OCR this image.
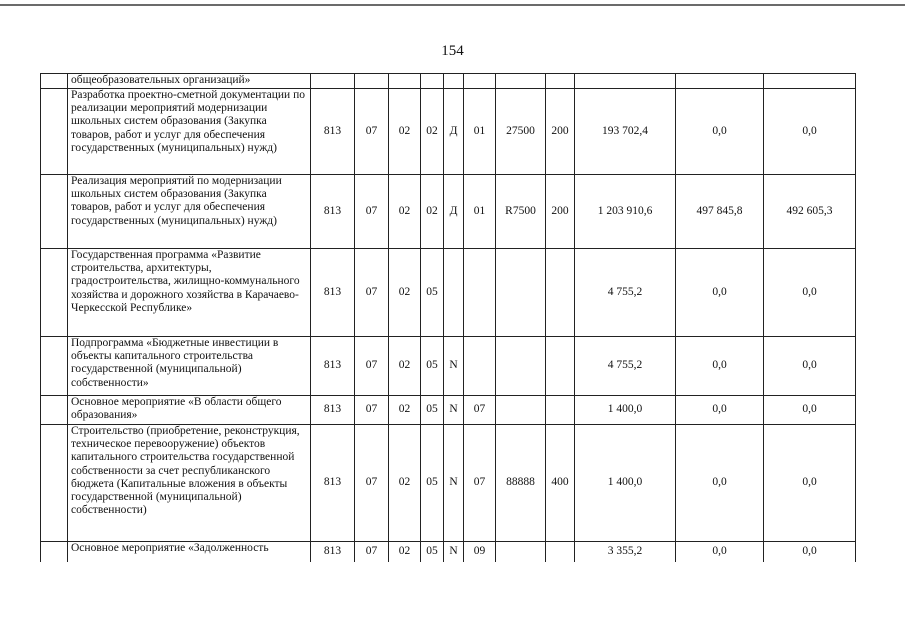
154
	общеобразовательных организаций»											
	Разработка проектно-сметной документации по реализации мероприятий модернизации школьных систем образования (Закупка товаров, работ и услуг для обеспечения государственных (муниципальных) нужд)	813	07	02	02	Д	01	27500	200	193 702,4	0,0	0,0
	Реализация мероприятий по модернизации школьных систем образования (Закупка товаров, работ и услуг для обеспечения государственных (муниципальных) нужд)	813	07	02	02	Д	01	R7500	200	1 203 910,6	497 845,8	492 605,3
	Государственная программа «Развитие строительства, архитектуры, градостроительства, жилищно-коммунального хозяйства и дорожного хозяйства в Карачаево-Черкесской Республике»	813	07	02	05					4 755,2	0,0	0,0
	Подпрограмма «Бюджетные инвестиции в объекты капитального строительства государственной (муниципальной) собственности»	813	07	02	05	N				4 755,2	0,0	0,0
	Основное мероприятие «В области общего образования»	813	07	02	05	N	07			1 400,0	0,0	0,0
	Строительство (приобретение, реконструкция, техническое перевооружение) объектов капитального строительства государственной собственности за счет республиканского бюджета (Капитальные вложения в объекты государственной (муниципальной) собственности)	813	07	02	05	N	07	88888	400	1 400,0	0,0	0,0
	Основное мероприятие «Задолженность	813	07	02	05	N	09			3 355,2	0,0	0,0
